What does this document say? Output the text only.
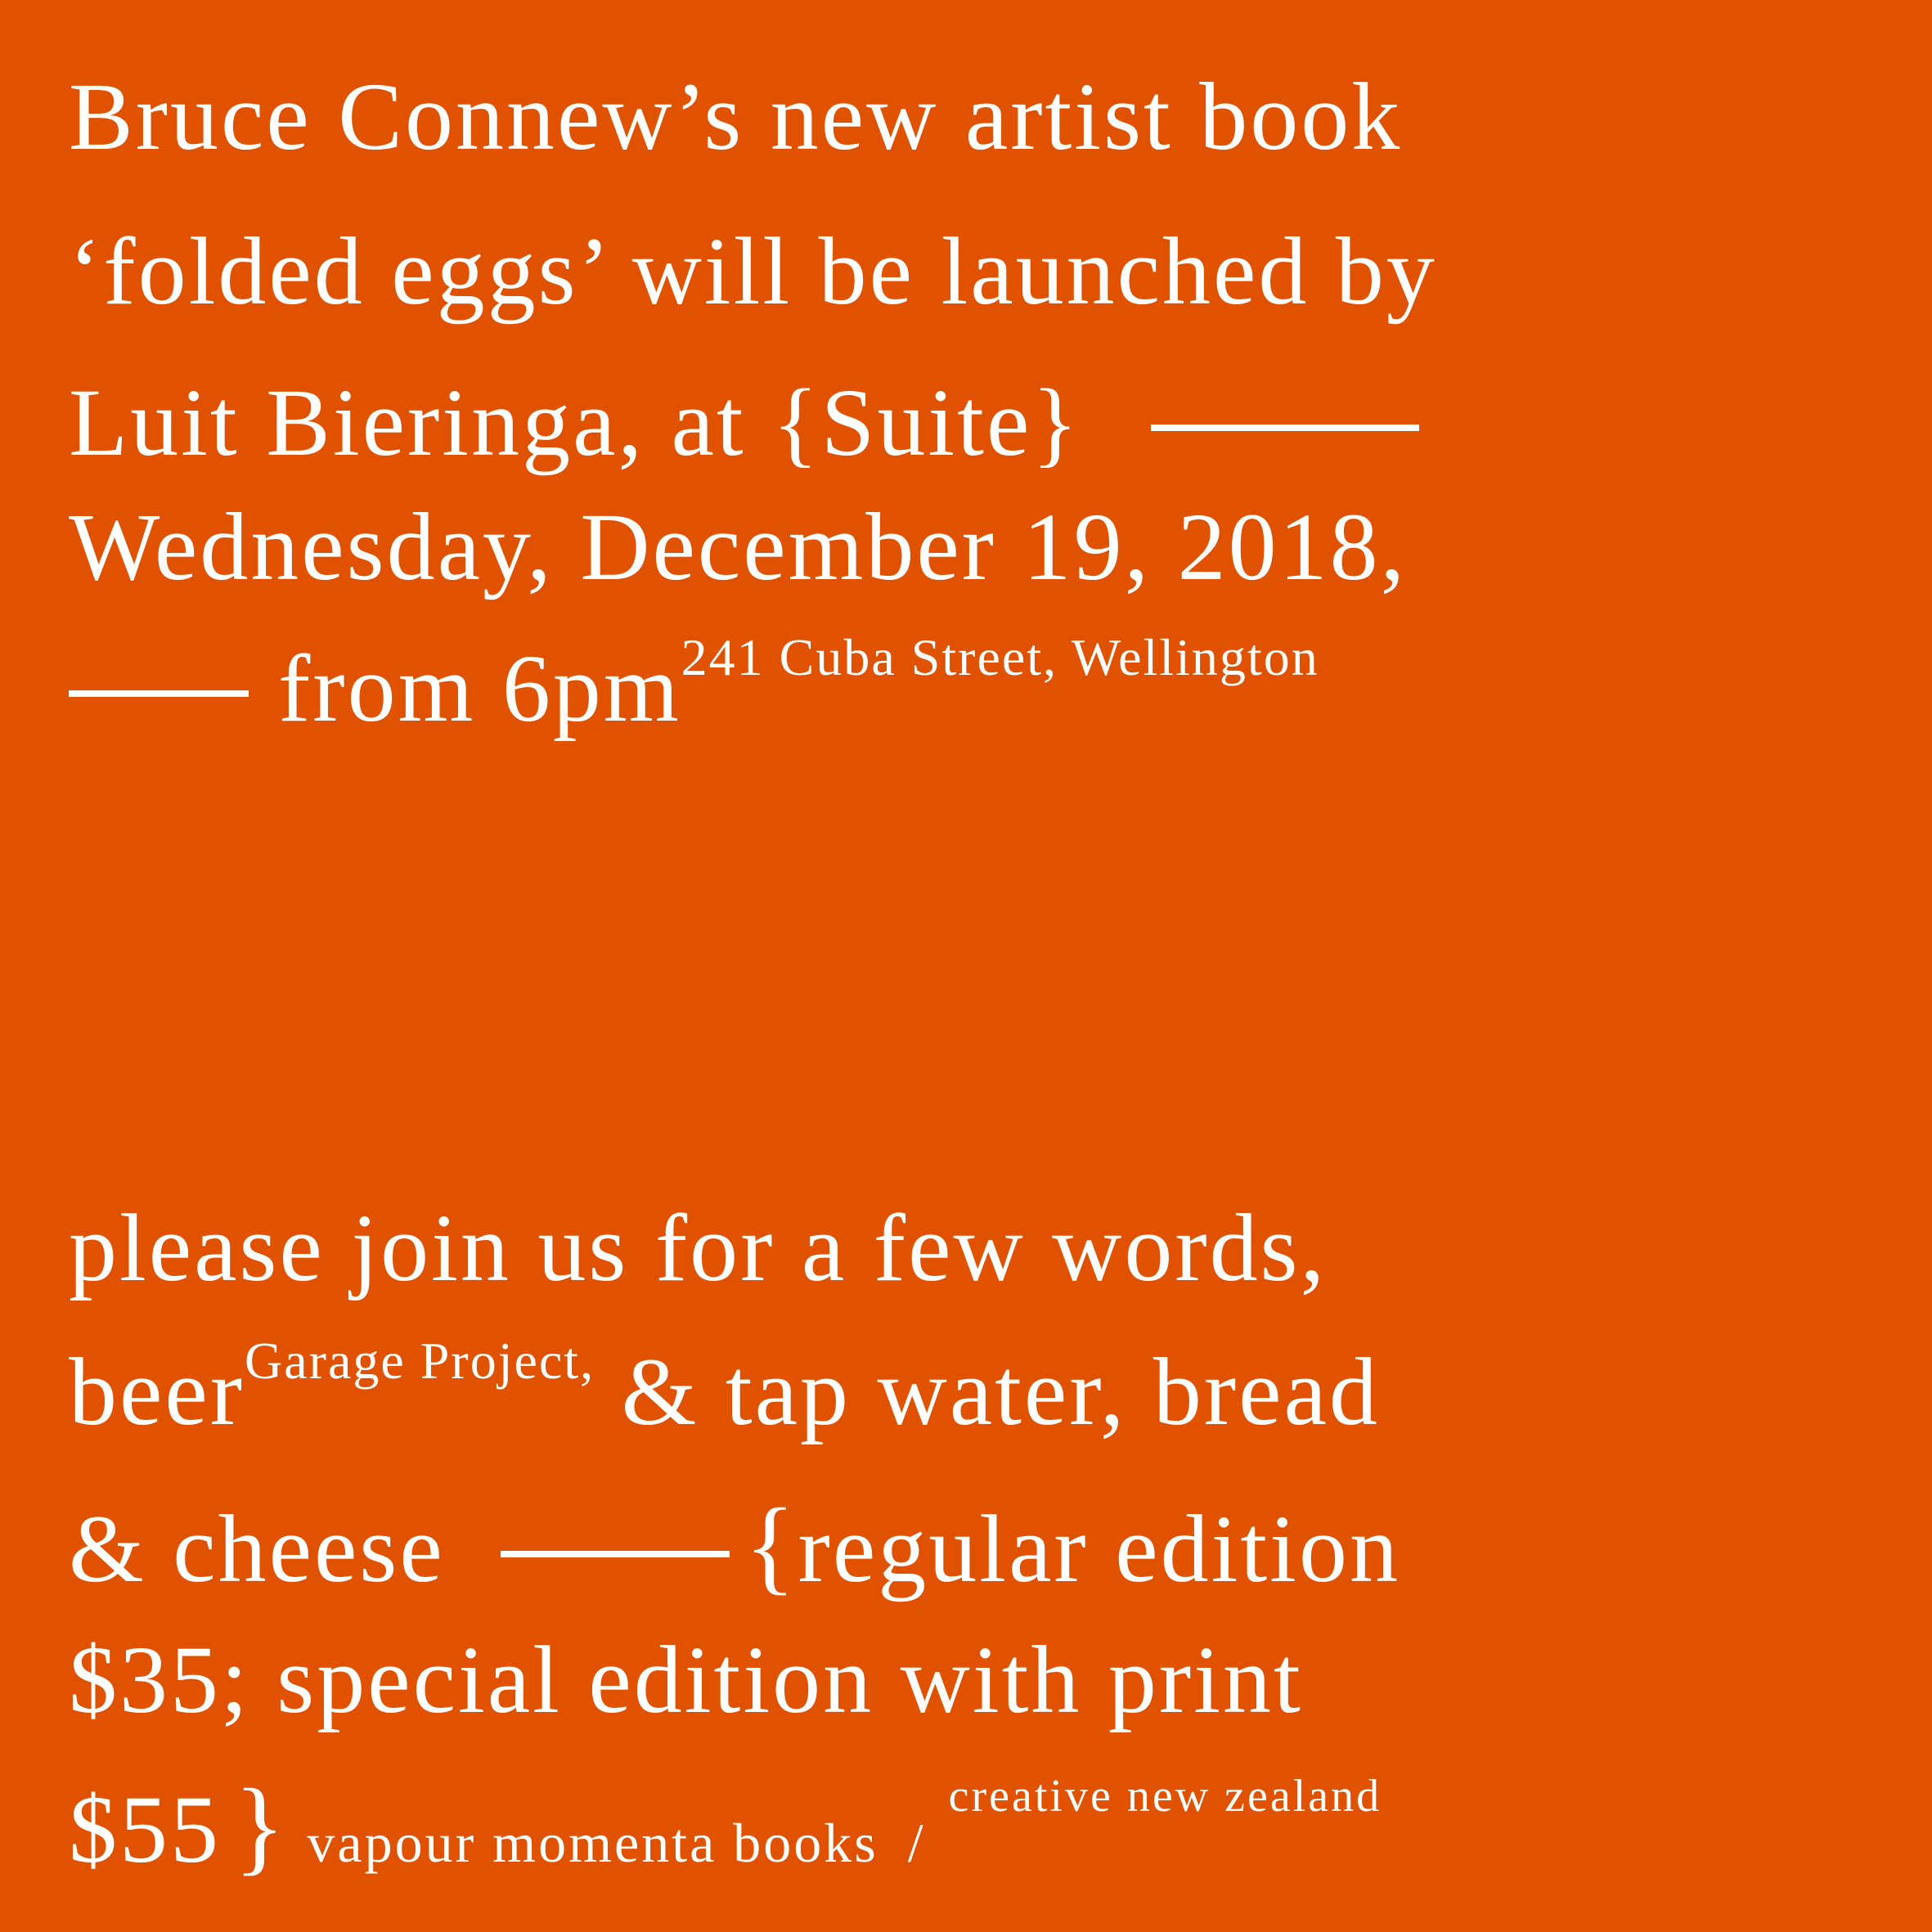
Bruce Connew’s new artist book
‘folded eggs’ will be launched by
Luit Bieringa, at {Suite}
Wednesday, December 19, 2018,
from $6pm^{241 Cuba Street, Wellington}$
please join us for a few words,
beer$^{Garage Project,}$ & tap water, bread
& cheese	{regular edition
$35; special edition with print
$55 } vapour momenta books /$^{creative new zealand}$
